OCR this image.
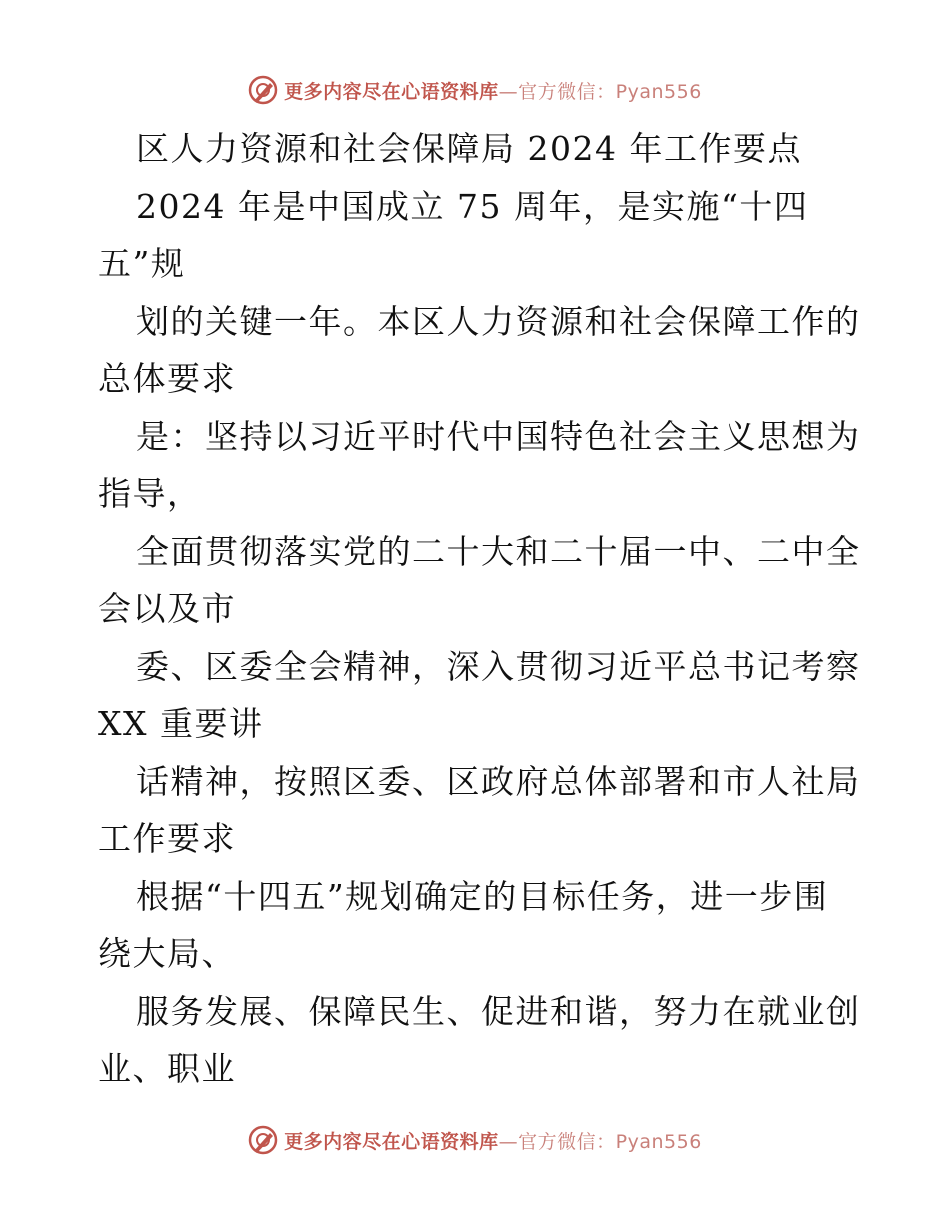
更多内容尽在心语资料库—官方微信：Pyan556
区人力资源和社会保障局 2024 年工作要点
2024 年是中国成立 75 周年，是实施“十四
五”规
划的关键一年。本区人力资源和社会保障工作的
总体要求
是：坚持以习近平时代中国特色社会主义思想为
指导，
全面贯彻落实党的二十大和二十届一中、二中全
会以及市
委、区委全会精神，深入贯彻习近平总书记考察
XX 重要讲
话精神，按照区委、区政府总体部署和市人社局
工作要求
根据“十四五”规划确定的目标任务，进一步围
绕大局、
服务发展、保障民生、促进和谐，努力在就业创
业、职业
更多内容尽在心语资料库—官方微信：Pyan556
